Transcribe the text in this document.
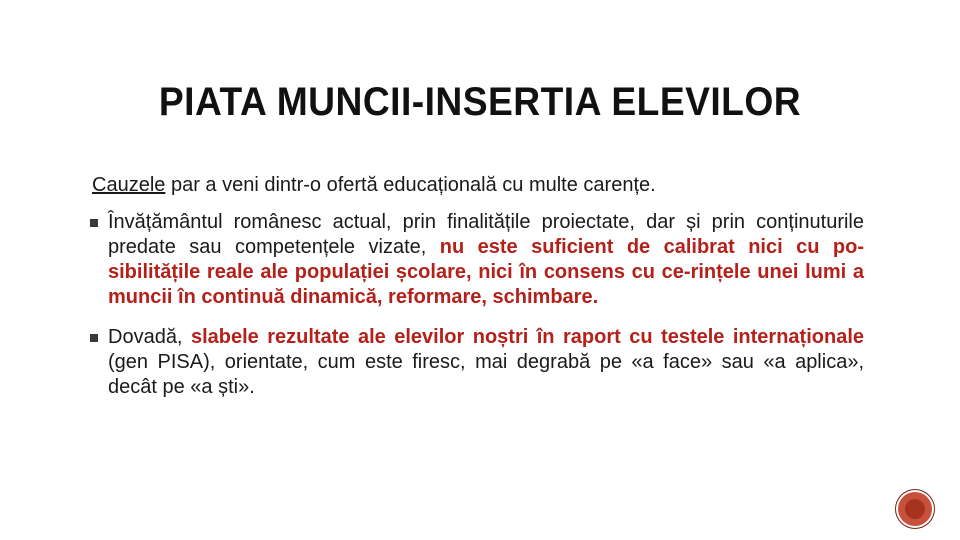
PIATA MUNCII-INSERTIA ELEVILOR
Cauzele par a veni dintr-o ofertă educațională cu multe carențe.
Învățământul românesc actual, prin finalitățile proiectate, dar și prin conținuturile predate sau competențele vizate, nu este suficient de calibrat nici cu po-sibilitățile reale ale populației școlare, nici în consens cu ce-rințele unei lumi a muncii în continuă dinamică, reformare, schimbare.
Dovadă, slabele rezultate ale elevilor noștri în raport cu testele internaționale (gen PISA), orientate, cum este firesc, mai degrabă pe «a face» sau «a aplica», decât pe «a ști».
